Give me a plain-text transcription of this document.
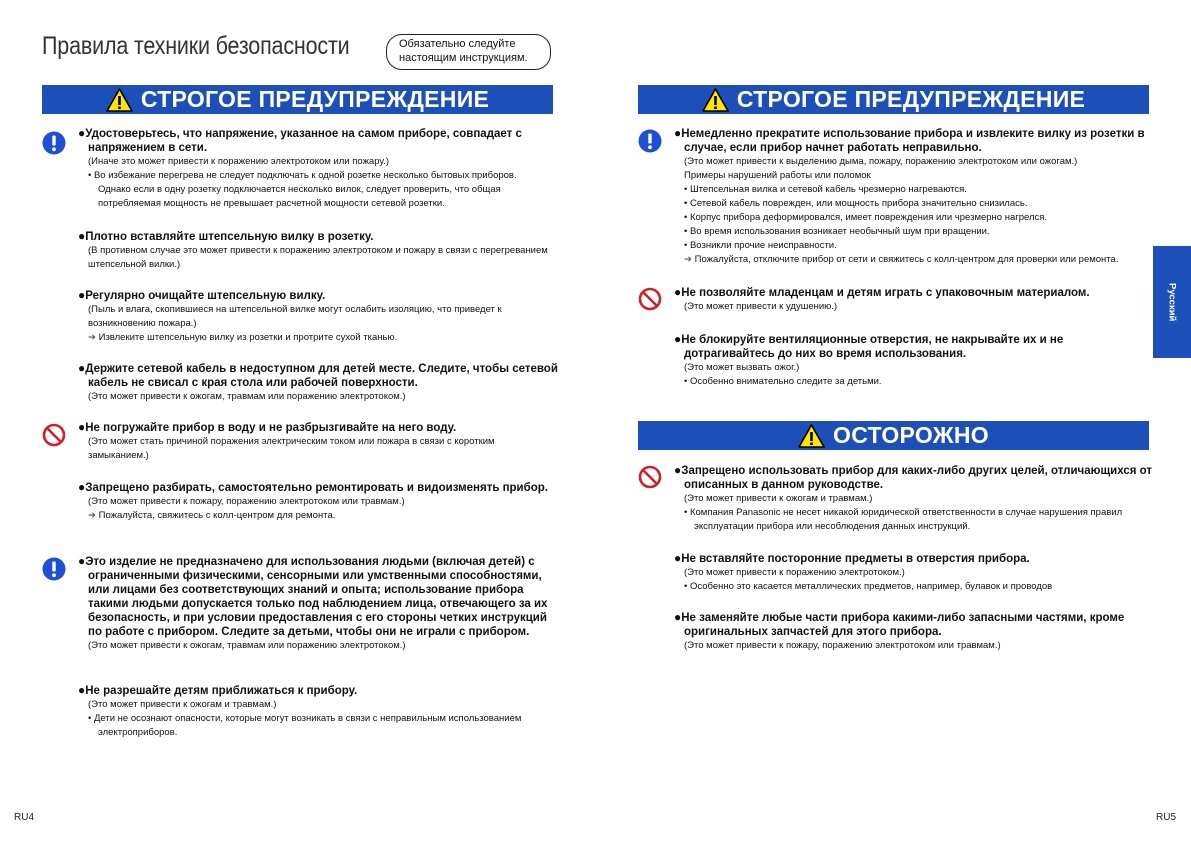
Правила техники безопасности	Обязательно следуйте
настоящим инструкциям.
СТРОГОЕ ПРЕДУПРЕЖДЕНИЕ
●Удостоверьтесь, что напряжение, указанное на самом приборе, совпадает с напряжением в сети.
(Иначе это может привести к поражению электротоком или пожару.)
• Во избежание перегрева не следует подключать к одной розетке несколько бытовых приборов.
Однако если в одну розетку подключается несколько вилок, следует проверить, что общая
потребляемая мощность не превышает расчетной мощности сетевой розетки.
●Плотно вставляйте штепсельную вилку в розетку.
(В противном случае это может привести к поражению электротоком и пожару в связи с перегреванием
штепсельной вилки.)
●Регулярно очищайте штепсельную вилку.
(Пыль и влага, скопившиеся на штепсельной вилке могут ослабить изоляцию, что приведет к
возникновению пожара.)
➔ Извлеките штепсельную вилку из розетки и протрите сухой тканью.
●Держите сетевой кабель в недоступном для детей месте. Следите, чтобы сетевой кабель не свисал с края стола или рабочей поверхности.
(Это может привести к ожогам, травмам или поражению электротоком.)
●Не погружайте прибор в воду и не разбрызгивайте на него воду.
(Это может стать причиной поражения электрическим током или пожара в связи с коротким
замыканием.)
●Запрещено разбирать, самостоятельно ремонтировать и видоизменять прибор.
(Это может привести к пожару, поражению электротоком или травмам.)
➔ Пожалуйста, свяжитесь с колл-центром для ремонта.
●Это изделие не предназначено для использования людьми (включая детей) с ограниченными физическими, сенсорными или умственными способностями, или лицами без соответствующих знаний и опыта; использование прибора такими людьми допускается только под наблюдением лица, отвечающего за их безопасность, и при условии предоставления с его стороны четких инструкций по работе с прибором. Следите за детьми, чтобы они не играли с прибором.
(Это может привести к ожогам, травмам или поражению электротоком.)
●Не разрешайте детям приближаться к прибору.
(Это может привести к ожогам и травмам.)
• Дети не осознают опасности, которые могут возникать в связи с неправильным использованием
электроприборов.
СТРОГОЕ ПРЕДУПРЕЖДЕНИЕ
●Немедленно прекратите использование прибора и извлеките вилку из розетки в случае, если прибор начнет работать неправильно.
(Это может привести к выделению дыма, пожару, поражению электротоком или ожогам.)
Примеры нарушений работы или поломок
• Штепсельная вилка и сетевой кабель чрезмерно нагреваются.
• Сетевой кабель поврежден, или мощность прибора значительно снизилась.
• Корпус прибора деформировался, имеет повреждения или чрезмерно нагрелся.
• Во время использования возникает необычный шум при вращении.
• Возникли прочие неисправности.
➔ Пожалуйста, отключите прибор от сети и свяжитесь с колл-центром для проверки или ремонта.
●Не позволяйте младенцам и детям играть с упаковочным материалом.
(Это может привести к удушению.)
●Не блокируйте вентиляционные отверстия, не накрывайте их и не дотрагивайтесь до них во время использования.
(Это может вызвать ожог.)
• Особенно внимательно следите за детьми.
ОСТОРОЖНО
●Запрещено использовать прибор для каких-либо других целей, отличающихся от описанных в данном руководстве.
(Это может привести к ожогам и травмам.)
• Компания Panasonic не несет никакой юридической ответственности в случае нарушения правил
эксплуатации прибора или несоблюдения данных инструкций.
●Не вставляйте посторонние предметы в отверстия прибора.
(Это может привести к поражению электротоком.)
• Особенно это касается металлических предметов, например, булавок и проводов
●Не заменяйте любые части прибора какими-либо запасными частями, кроме оригинальных запчастей для этого прибора.
(Это может привести к пожару, поражению электротоком или травмам.)
Русский
RU4	RU5
